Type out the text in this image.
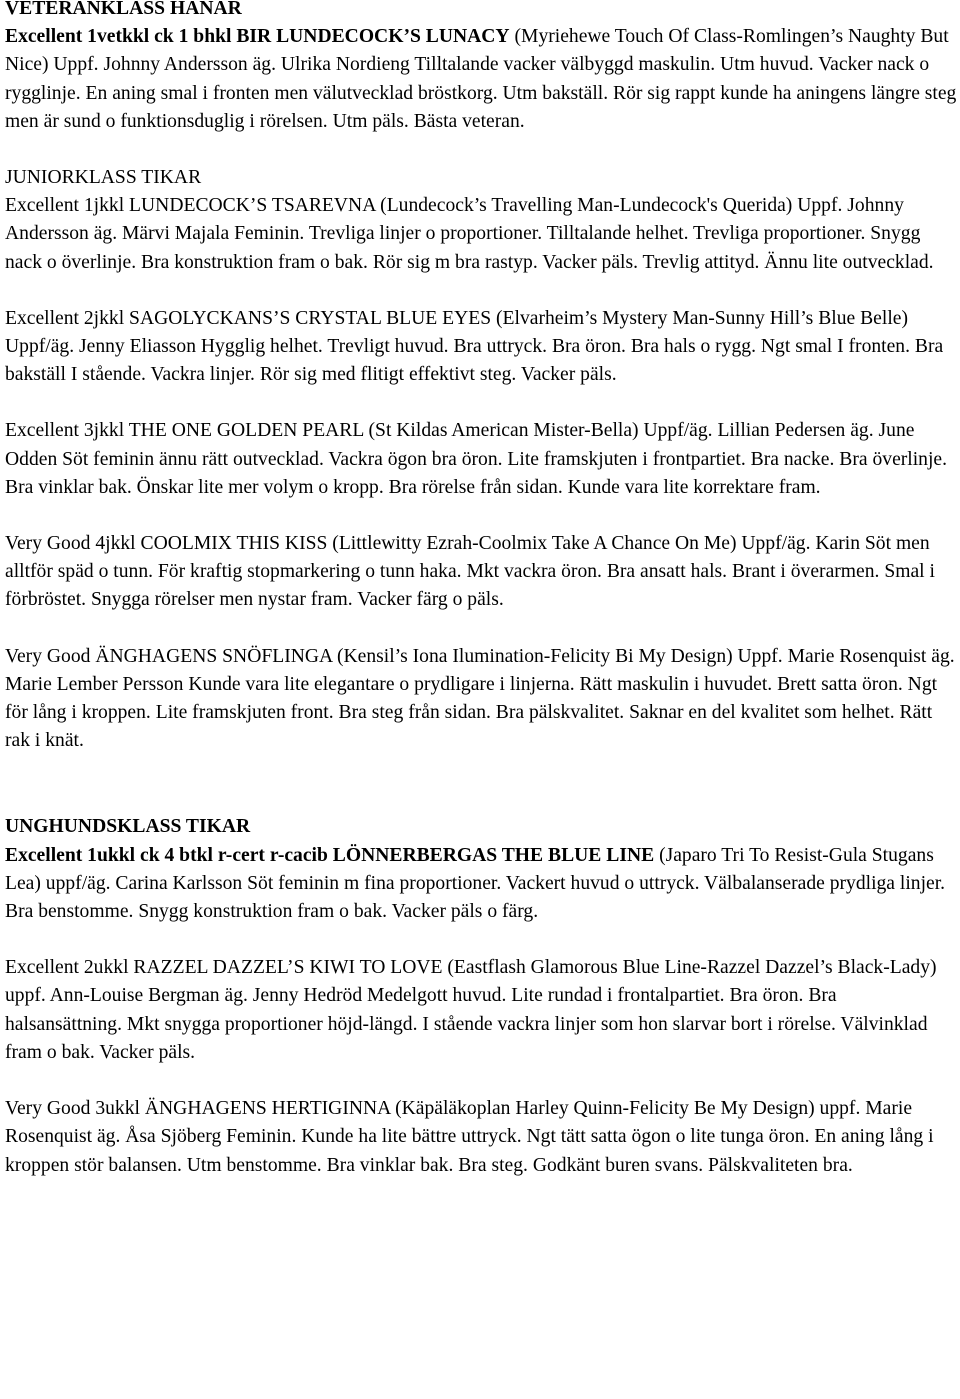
VETERANKLASS HANAR

Excellent 1vetkkl ck 1 bhkl BIR LUNDECOCK’S LUNACY (Myriehewe Touch Of Class-Romlingen’s Naughty But Nice) Uppf. Johnny Andersson äg. Ulrika Nordieng Tilltalande vacker välbyggd maskulin. Utm huvud. Vacker nack o rygglinje. En aning smal i fronten men välutvecklad bröstkorg. Utm bakställ. Rör sig rappt kunde ha aningens längre steg men är sund o funktionsduglig i rörelsen. Utm päls. Bästa veteran.

JUNIORKLASS TIKAR

Excellent 1jkkl LUNDECOCK’S TSAREVNA (Lundecock’s Travelling Man-Lundecock's Querida) Uppf. Johnny Andersson äg. Märvi Majala Feminin. Trevliga linjer o proportioner. Tilltalande helhet. Trevliga proportioner. Snygg nack o överlinje. Bra konstruktion fram o bak. Rör sig m bra rastyp. Vacker päls. Trevlig attityd. Ännu lite outvecklad.

Excellent 2jkkl SAGOLYCKANS’S CRYSTAL BLUE EYES (Elvarheim’s Mystery Man-Sunny Hill’s Blue Belle) Uppf/äg. Jenny Eliasson Hygglig helhet. Trevligt huvud. Bra uttryck. Bra öron. Bra hals o rygg. Ngt smal I fronten. Bra bakställ I stående. Vackra linjer. Rör sig med flitigt effektivt steg. Vacker päls.

Excellent 3jkkl THE ONE GOLDEN PEARL (St Kildas American Mister-Bella) Uppf/äg. Lillian Pedersen äg. June Odden Söt feminin ännu rätt outvecklad. Vackra ögon bra öron. Lite framskjuten i frontpartiet. Bra nacke. Bra överlinje. Bra vinklar bak. Önskar lite mer volym o kropp. Bra rörelse från sidan. Kunde vara lite korrektare fram.

Very Good 4jkkl COOLMIX THIS KISS (Littlewitty Ezrah-Coolmix Take A Chance On Me) Uppf/äg. Karin Söt men alltför späd o tunn. För kraftig stopmarkering o tunn haka. Mkt vackra öron. Bra ansatt hals. Brant i överarmen. Smal i förbröstet. Snygga rörelser men nystar fram. Vacker färg o päls.

Very Good ÄNGHAGENS SNÖFLINGA (Kensil’s Iona Ilumination-Felicity Bi My Design) Uppf. Marie Rosenquist äg. Marie Lember Persson Kunde vara lite elegantare o prydligare i linjerna. Rätt maskulin i huvudet. Brett satta öron. Ngt för lång i kroppen. Lite framskjuten front. Bra steg från sidan. Bra pälskvalitet. Saknar en del kvalitet som helhet. Rätt rak i knät.

UNGHUNDSKLASS TIKAR

Excellent 1ukkl ck 4 btkl r-cert r-cacib LÖNNERBERGAS THE BLUE LINE (Japaro Tri To Resist-Gula Stugans Lea) uppf/äg. Carina Karlsson Söt feminin m fina proportioner. Vackert huvud o uttryck. Välbalanserade prydliga linjer. Bra benstomme. Snygg konstruktion fram o bak. Vacker päls o färg.

Excellent 2ukkl RAZZEL DAZZEL’S KIWI TO LOVE (Eastflash Glamorous Blue Line-Razzel Dazzel’s Black-Lady) uppf. Ann-Louise Bergman äg. Jenny Hedröd Medelgott huvud. Lite rundad i frontalpartiet. Bra öron. Bra halsansättning. Mkt snygga proportioner höjd-längd. I stående vackra linjer som hon slarvar bort i rörelse. Välvinklad fram o bak. Vacker päls.

Very Good 3ukkl ÄNGHAGENS HERTIGINNA (Käpäläkoplan Harley Quinn-Felicity Be My Design) uppf. Marie Rosenquist äg. Åsa Sjöberg Feminin. Kunde ha lite bättre uttryck. Ngt tätt satta ögon o lite tunga öron. En aning lång i kroppen stör balansen. Utm benstomme. Bra vinklar bak. Bra steg. Godkänt buren svans. Pälskvaliteten bra.
